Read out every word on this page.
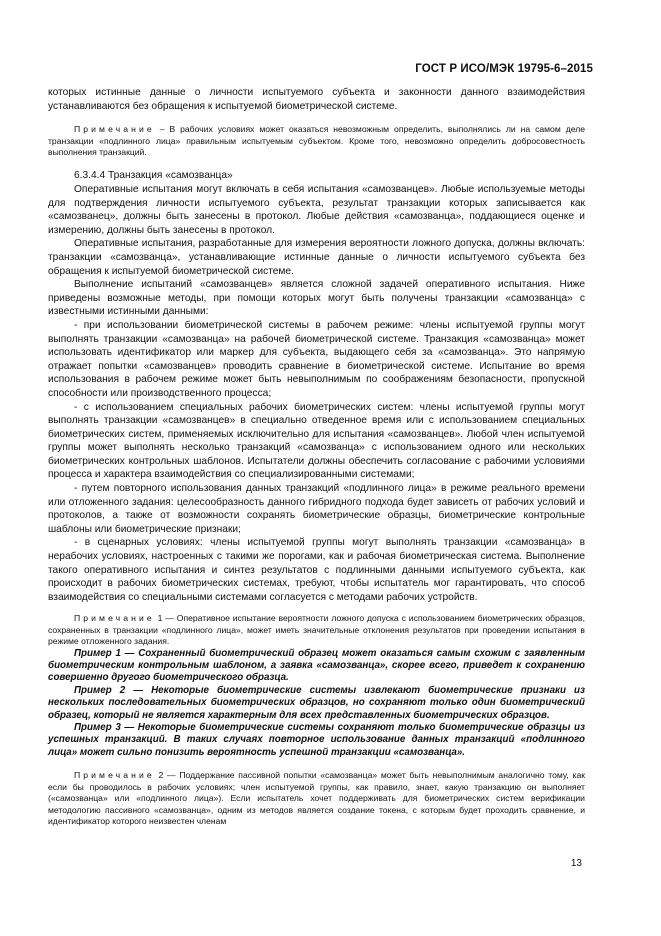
ГОСТ Р ИСО/МЭК 19795-6–2015

которых истинные данные о личности испытуемого субъекта и законности данного взаимодействия устанавливаются без обращения к испытуемой биометрической системе.

Примечание – В рабочих условиях может оказаться невозможным определить, выполнялись ли на самом деле транзакции «подлинного лица» правильным испытуемым субъектом. Кроме того, невозможно определить добросовестность выполнения транзакций.

6.3.4.4 Транзакция «самозванца»

Оперативные испытания могут включать в себя испытания «самозванцев». Любые используемые методы для подтверждения личности испытуемого субъекта, результат транзакции которых записывается как «самозванец», должны быть занесены в протокол. Любые действия «самозванца», поддающиеся оценке и измерению, должны быть занесены в протокол.

Оперативные испытания, разработанные для измерения вероятности ложного допуска, должны включать: транзакции «самозванца», устанавливающие истинные данные о личности испытуемого субъекта без обращения к испытуемой биометрической системе.

Выполнение испытаний «самозванцев» является сложной задачей оперативного испытания. Ниже приведены возможные методы, при помощи которых могут быть получены транзакции «самозванца» с известными истинными данными:

- при использовании биометрической системы в рабочем режиме: члены испытуемой группы могут выполнять транзакции «самозванца» на рабочей биометрической системе. Транзакция «самозванца» может использовать идентификатор или маркер для субъекта, выдающего себя за «самозванца». Это напрямую отражает попытки «самозванцев» проводить сравнение в биометрической системе. Испытание во время использования в рабочем режиме может быть невыполнимым по соображениям безопасности, пропускной способности или производственного процесса;

- с использованием специальных рабочих биометрических систем: члены испытуемой группы могут выполнять транзакции «самозванцев» в специально отведенное время или с использованием специальных биометрических систем, применяемых исключительно для испытания «самозванцев». Любой член испытуемой группы может выполнять несколько транзакций «самозванца» с использованием одного или нескольких биометрических контрольных шаблонов. Испытатели должны обеспечить согласование с рабочими условиями процесса и характера взаимодействия со специализированными системами;

- путем повторного использования данных транзакций «подлинного лица» в режиме реального времени или отложенного задания: целесообразность данного гибридного подхода будет зависеть от рабочих условий и протоколов, а также от возможности сохранять биометрические образцы, биометрические контрольные шаблоны или биометрические признаки;

- в сценарных условиях: члены испытуемой группы могут выполнять транзакции «самозванца» в нерабочих условиях, настроенных с такими же порогами, как и рабочая биометрическая система. Выполнение такого оперативного испытания и синтез результатов с подлинными данными испытуемого субъекта, как происходит в рабочих биометрических системах, требуют, чтобы испытатель мог гарантировать, что способ взаимодействия со специальными системами согласуется с методами рабочих устройств.

Примечание 1 — Оперативное испытание вероятности ложного допуска с использованием биометрических образцов, сохраненных в транзакции «подлинного лица», может иметь значительные отклонения результатов при проведении испытания в режиме отложенного задания.

Пример 1 — Сохраненный биометрический образец может оказаться самым схожим с заявленным биометрическим контрольным шаблоном, а заявка «самозванца», скорее всего, приведет к сохранению совершенно другого биометрического образца.

Пример 2 — Некоторые биометрические системы извлекают биометрические признаки из нескольких последовательных биометрических образцов, но сохраняют только один биометрический образец, который не является характерным для всех представленных биометрических образцов.

Пример 3 — Некоторые биометрические системы сохраняют только биометрические образцы из успешных транзакций. В таких случаях повторное использование данных транзакций «подлинного лица» может сильно понизить вероятность успешной транзакции «самозванца».

Примечание 2 — Поддержание пассивной попытки «самозванца» может быть невыполнимым аналогично тому, как если бы проводилось в рабочих условиях; член испытуемой группы, как правило, знает, какую транзакцию он выполняет («самозванца» или «подлинного лица»). Если испытатель хочет поддерживать для биометрических систем верификации методологию пассивного «самозванца», одним из методов является создание токена, с которым будет проходить сравнение, и идентификатор которого неизвестен членам

13
